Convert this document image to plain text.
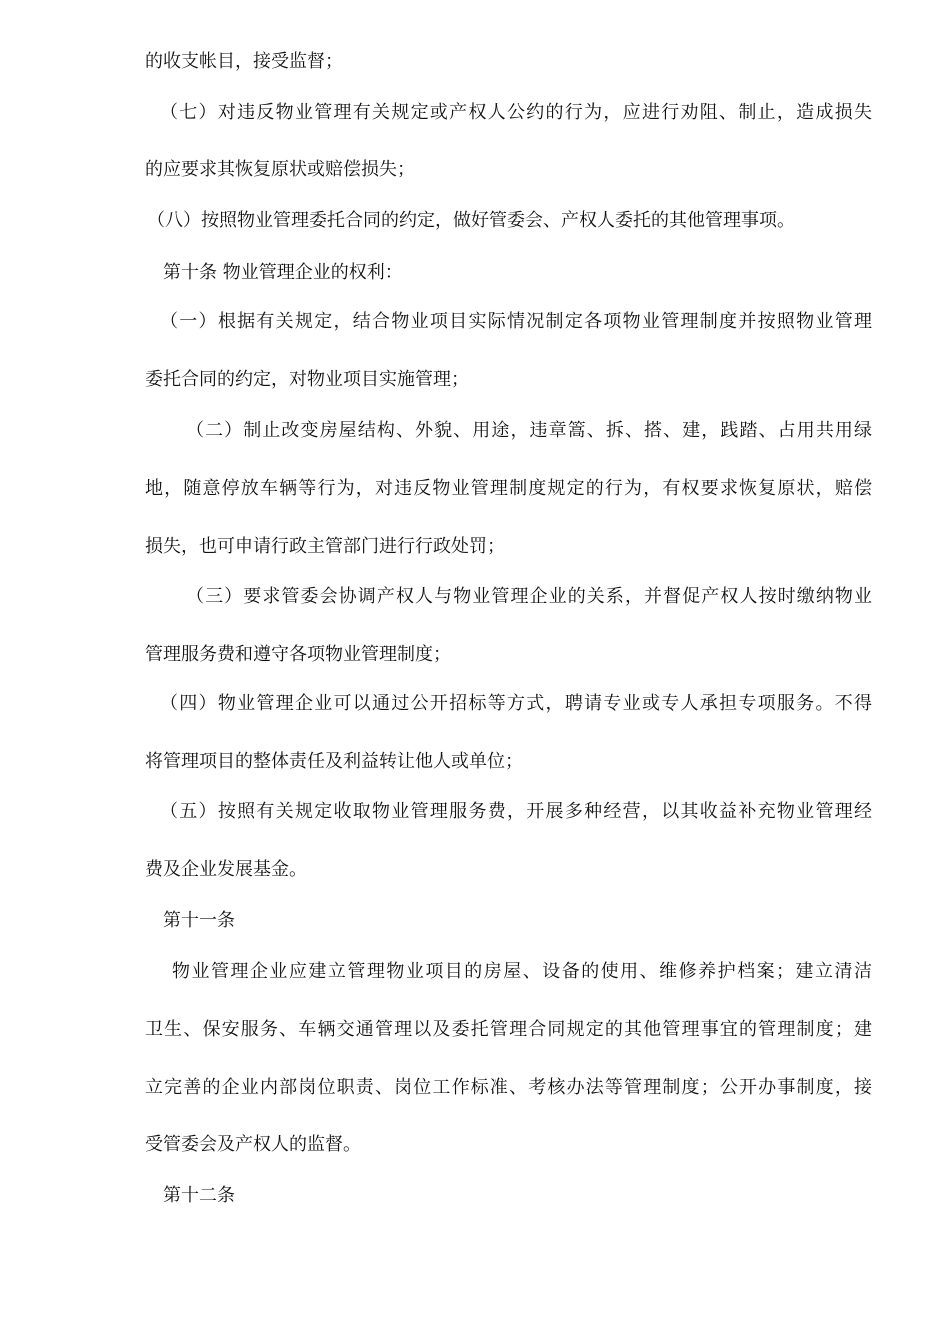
的收支帐目，接受监督；
（七）对违反物业管理有关规定或产权人公约的行为，应进行劝阻、制止，造成损失
的应要求其恢复原状或赔偿损失；
（八）按照物业管理委托合同的约定，做好管委会、产权人委托的其他管理事项。
第十条 物业管理企业的权利：
（一）根据有关规定，结合物业项目实际情况制定各项物业管理制度并按照物业管理
委托合同的约定，对物业项目实施管理；
（二）制止改变房屋结构、外貌、用途，违章篙、拆、搭、建，践踏、占用共用绿
地，随意停放车辆等行为，对违反物业管理制度规定的行为，有权要求恢复原状，赔偿
损失，也可申请行政主管部门进行行政处罚；
（三）要求管委会协调产权人与物业管理企业的关系，并督促产权人按时缴纳物业
管理服务费和遵守各项物业管理制度；
（四）物业管理企业可以通过公开招标等方式，聘请专业或专人承担专项服务。不得
将管理项目的整体责任及利益转让他人或单位；
（五）按照有关规定收取物业管理服务费，开展多种经营，以其收益补充物业管理经
费及企业发展基金。
第十一条
物业管理企业应建立管理物业项目的房屋、设备的使用、维修养护档案；建立清洁
卫生、保安服务、车辆交通管理以及委托管理合同规定的其他管理事宜的管理制度；建
立完善的企业内部岗位职责、岗位工作标准、考核办法等管理制度；公开办事制度，接
受管委会及产权人的监督。
第十二条
